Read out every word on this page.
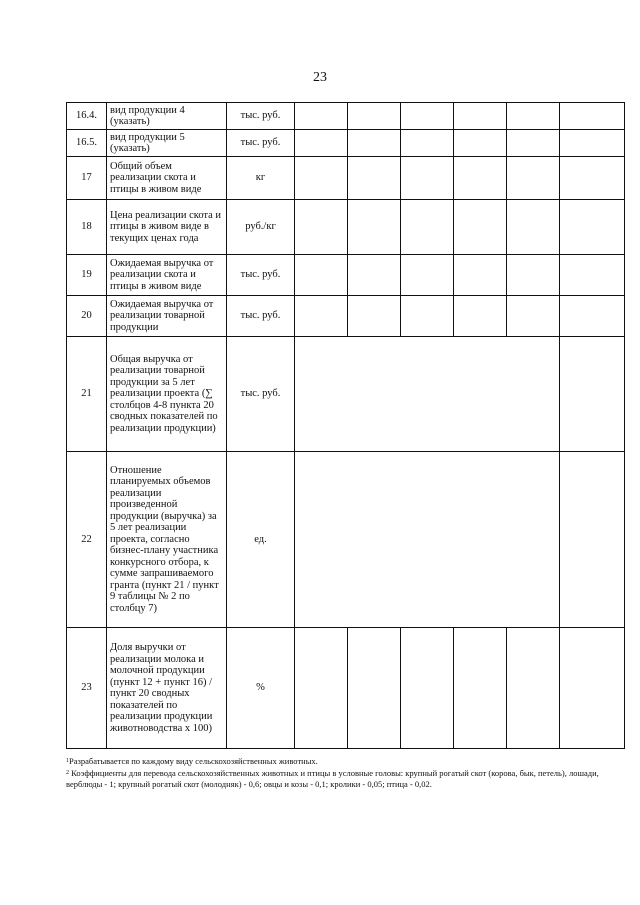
23
16.4.	вид продукции 4 (указать)	тыс. руб.						
16.5.	вид продукции 5 (указать)	тыс. руб.						
17	Общий объем реализации скота и птицы в живом виде	кг						
18	Цена реализации скота и птицы в живом виде в текущих ценах года	руб./кг						
19	Ожидаемая выручка от реализации скота и птицы в живом виде	тыс. руб.						
20	Ожидаемая выручка от реализации товарной продукции	тыс. руб.						
21	Общая выручка от реализации товарной продукции за 5 лет реализации проекта (∑ столбцов 4-8 пункта 20 сводных показателей по реализации продукции)	тыс. руб.						
22	Отношение планируемых объемов реализации произведенной продукции (выручка) за 5 лет реализации проекта, согласно бизнес-плану участника конкурсного отбора, к сумме запрашиваемого гранта (пункт 21 / пункт 9 таблицы № 2 по столбцу 7)	ед.						
23	Доля выручки от реализации молока и молочной продукции (пункт 12 + пункт 16) / пункт 20 сводных показателей по реализации продукции животноводства х 100)	%						

$^1$Разрабатывается по каждому виду сельскохозяйственных животных.

$^2$ Коэффициенты для перевода сельскохозяйственных животных и птицы в условные головы: крупный рогатый скот (корова, бык, петель), лошади, верблюды - 1; крупный рогатый скот (молодняк) - 0,6; овцы и козы - 0,1; кролики - 0,05; птица - 0,02.
